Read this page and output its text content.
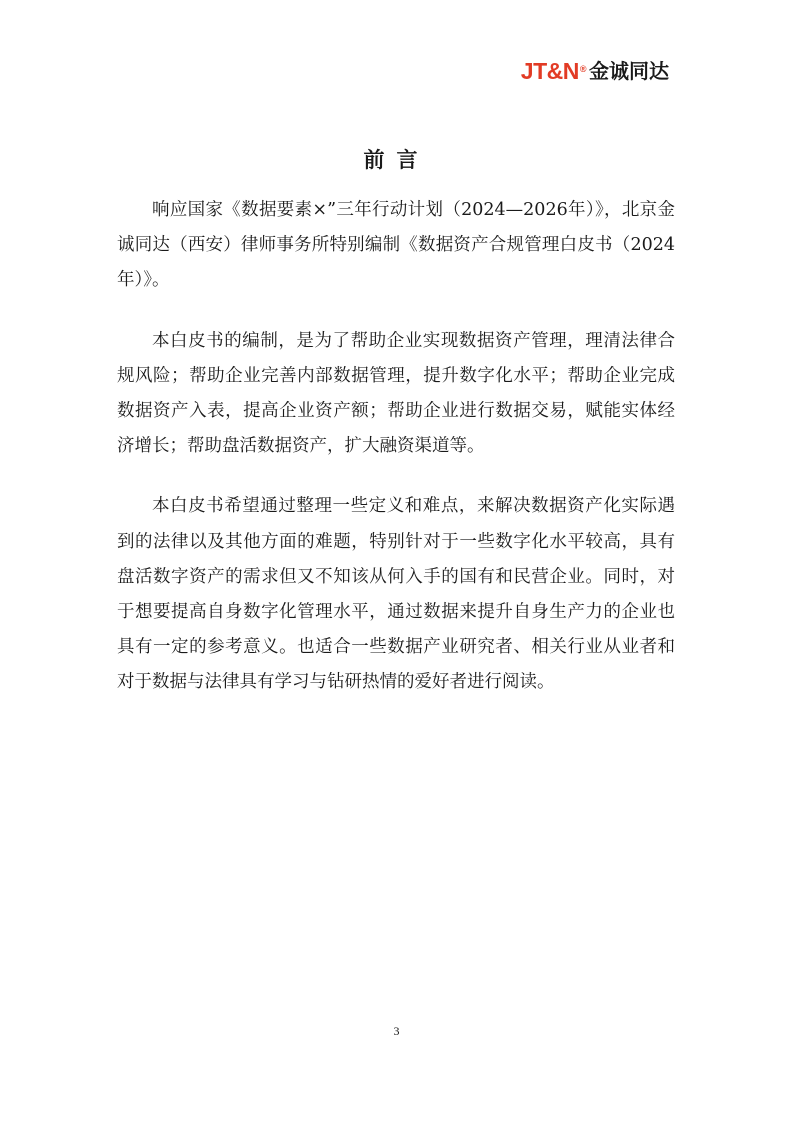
JT&N® 金诚同达
前言

响应国家《数据要素×”三年行动计划（2024—2026年）》，北京金诚同达（西安）律师事务所特别编制《数据资产合规管理白皮书（2024年）》。

本白皮书的编制，是为了帮助企业实现数据资产管理，理清法律合规风险；帮助企业完善内部数据管理，提升数字化水平；帮助企业完成数据资产入表，提高企业资产额；帮助企业进行数据交易，赋能实体经济增长；帮助盘活数据资产，扩大融资渠道等。

本白皮书希望通过整理一些定义和难点，来解决数据资产化实际遇到的法律以及其他方面的难题，特别针对于一些数字化水平较高，具有盘活数字资产的需求但又不知该从何入手的国有和民营企业。同时，对于想要提高自身数字化管理水平，通过数据来提升自身生产力的企业也具有一定的参考意义。也适合一些数据产业研究者、相关行业从业者和对于数据与法律具有学习与钻研热情的爱好者进行阅读。

3
